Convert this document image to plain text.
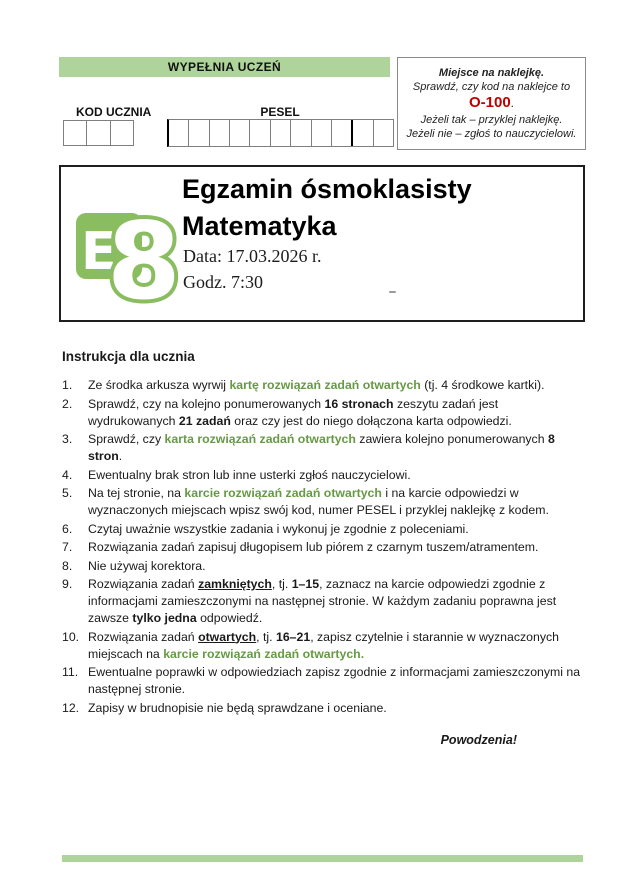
WYPEŁNIA UCZEŃ	Miejsce na naklejkę.
Sprawdź, czy kod na naklejce to
O-100.
Jeżeli tak – przyklej naklejkę.
Jeżeli nie – zgłoś to nauczycielowi.
KOD UCZNIA	PESEL
E
8
Egzamin ósmoklasisty
Matematyka
Data: 17.03.2026 r.
Godz. 7:30
Instrukcja dla ucznia
1.	Ze środka arkusza wyrwij kartę rozwiązań zadań otwartych (tj. 4 środkowe kartki).
2.	Sprawdź, czy na kolejno ponumerowanych 16 stronach zeszytu zadań jest wydrukowanych 21 zadań oraz czy jest do niego dołączona karta odpowiedzi.
3.	Sprawdź, czy karta rozwiązań zadań otwartych zawiera kolejno ponumerowanych 8 stron.
4.	Ewentualny brak stron lub inne usterki zgłoś nauczycielowi.
5.	Na tej stronie, na karcie rozwiązań zadań otwartych i na karcie odpowiedzi w wyznaczonych miejscach wpisz swój kod, numer PESEL i przyklej naklejkę z kodem.
6.	Czytaj uważnie wszystkie zadania i wykonuj je zgodnie z poleceniami.
7.	Rozwiązania zadań zapisuj długopisem lub piórem z czarnym tuszem/atramentem.
8.	Nie używaj korektora.
9.	Rozwiązania zadań zamkniętych, tj. 1–15, zaznacz na karcie odpowiedzi zgodnie z informacjami zamieszczonymi na następnej stronie. W każdym zadaniu poprawna jest zawsze tylko jedna odpowiedź.
10. Rozwiązania zadań otwartych, tj. 16–21, zapisz czytelnie i starannie w wyznaczonych miejscach na karcie rozwiązań zadań otwartych.
11. Ewentualne poprawki w odpowiedziach zapisz zgodnie z informacjami zamieszczonymi na następnej stronie.
12. Zapisy w brudnopisie nie będą sprawdzane i oceniane.
Powodzenia!
